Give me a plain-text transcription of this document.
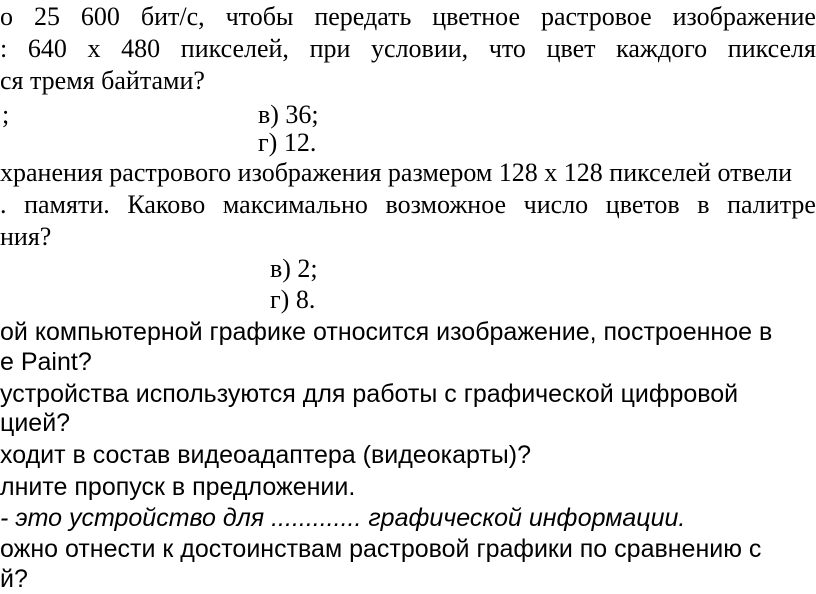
о 25 600 бит/с, чтобы передать цветное растровое изображение
: 640 х 480 пикселей, при условии, что цвет каждого пикселя
ся тремя байтами?
;	в) 36;
г) 12.
хранения растрового изображения размером 128 х 128 пикселей отвели
. памяти. Каково максимально возможное число цветов в палитре
ния?
в) 2;
г) 8.
ой компьютерной графике относится изображение, построенное в
e Paint?
устройства используются для работы с графической цифровой
цией?
ходит в состав видеоадаптера (видеокарты)?
лните пропуск в предложении.
- это устройство для ............. графической информации.
ожно отнести к достоинствам растровой графики по сравнению с
й?
